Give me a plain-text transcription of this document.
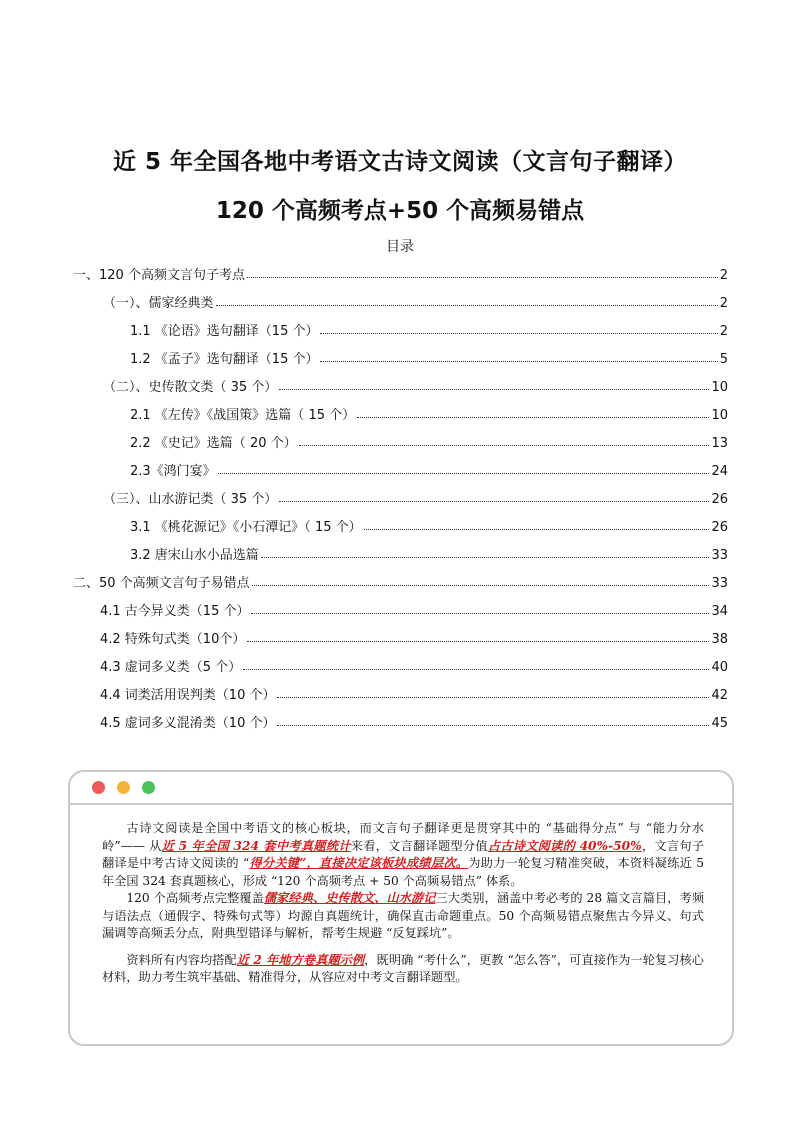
近 5 年全国各地中考语文古诗文阅读（文言句子翻译）
120 个高频考点+50 个高频易错点
目录
一、120 个高频文言句子考点	2
（一）、儒家经典类	2
1.1 《论语》选句翻译（15 个）	2
1.2 《孟子》选句翻译（15 个）	5
（二）、史传散文类（ 35 个）	10
2.1 《左传》《战国策》选篇（ 15 个）	10
2.2 《史记》选篇（ 20 个）	13
2.3《鸿门宴》	24
（三）、山水游记类（ 35 个）	26
3.1 《桃花源记》《小石潭记》（ 15 个）	26
3.2 唐宋山水小品选篇	33
二、50 个高频文言句子易错点	33
4.1 古今异义类（15 个）	34
4.2 特殊句式类（10个）	38
4.3 虚词多义类（5 个）	40
4.4 词类活用误判类（10 个）	42
4.5 虚词多义混淆类（10 个）	45

古诗文阅读是全国中考语文的核心板块，而文言句子翻译更是贯穿其中的 “基础得分点” 与 “能力分水岭”—— 从近 5 年全国 324 套中考真题统计来看，文言翻译题型分值占古诗文阅读的 40%-50%，文言句子翻译是中考古诗文阅读的 “得分关键”，直接决定该板块成绩层次。为助力一轮复习精准突破，本资料凝练近 5 年全国 324 套真题核心，形成 “120 个高频考点 + 50 个高频易错点” 体系。

120 个高频考点完整覆盖儒家经典、史传散文、山水游记三大类别，涵盖中考必考的 28 篇文言篇目，考频与语法点（通假字、特殊句式等）均源自真题统计，确保直击命题重点。50 个高频易错点聚焦古今异义、句式漏调等高频丢分点，附典型错译与解析，帮考生规避 “反复踩坑”。

资料所有内容均搭配近 2 年地方卷真题示例，既明确 “考什么”，更教 “怎么答”，可直接作为一轮复习核心材料，助力考生筑牢基础、精准得分，从容应对中考文言翻译题型。
